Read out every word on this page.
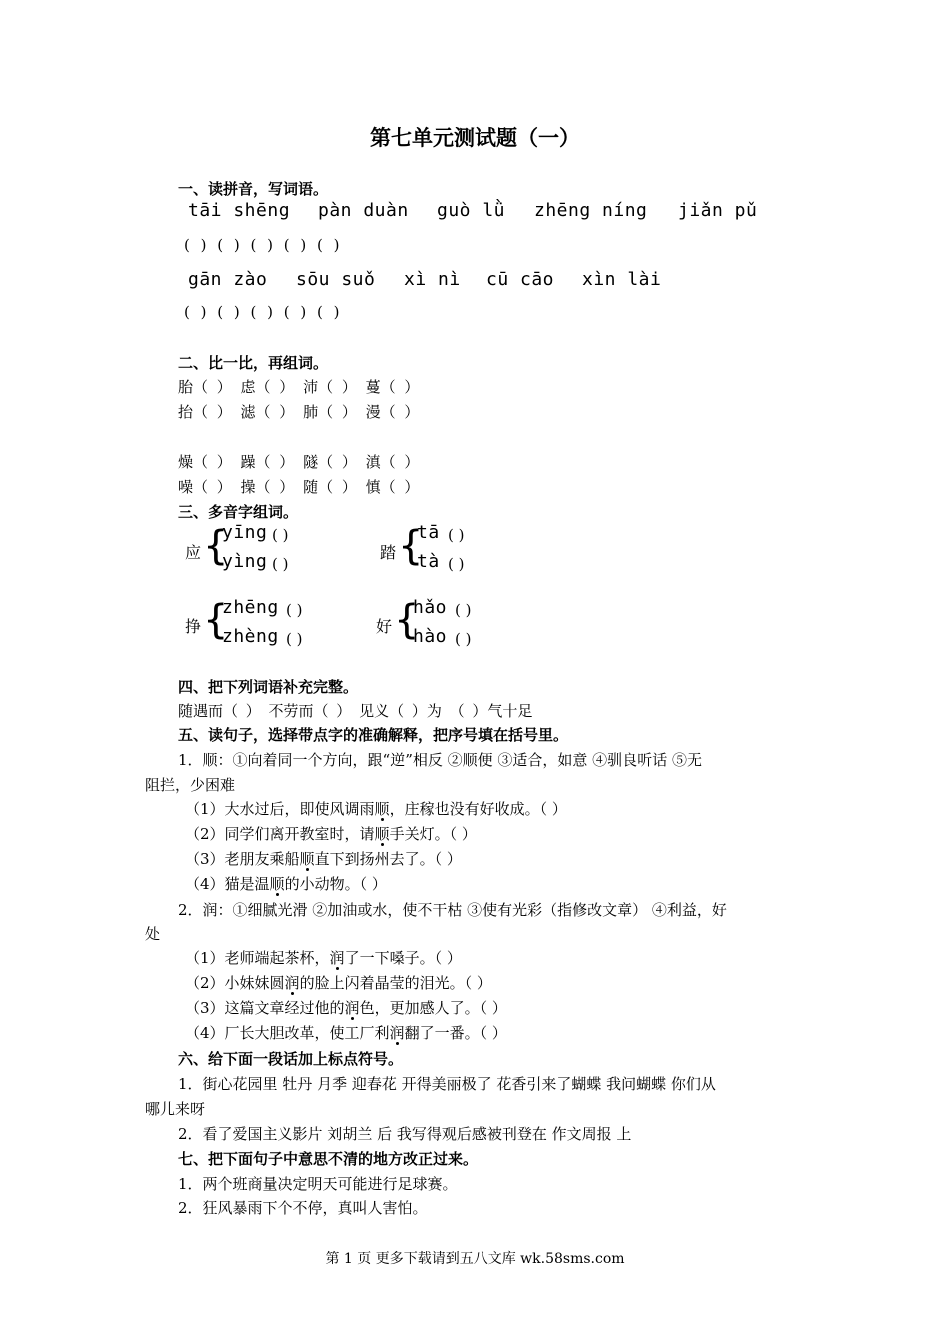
第七单元测试题（一）
一、读拼音，写词语。
tāi shēng pàn duàn guò lǜ zhēng níng jiǎn pǔ
( ) ( ) ( ) ( ) ( )
gān zào sōu suǒ xì nì cū cāo xìn lài
( ) ( ) ( ) ( ) ( )
二、比一比，再组词。
胎（ ） 虑（ ） 沛（ ） 蔓（ ）
抬（ ） 滤（ ） 肺（ ） 漫（ ）
燥（ ） 躁（ ） 隧（ ） 滇（ ）
噪（ ） 操（ ） 随（ ） 慎（ ）
三、多音字组词。
应 {
yīng
yìng
( )
( )
踏 {
tā
tà
( )
( )
挣 {
zhēng
zhèng
( )
( )
好 {
hǎo
hào
( )
( )
四、把下列词语补充完整。
随遇而（ ） 不劳而（ ） 见义（ ）为 （ ）气十足
五、读句子，选择带点字的准确解释，把序号填在括号里。
1．顺：①向着同一个方向，跟“逆”相反 ②顺便 ③适合，如意 ④驯良听话 ⑤无
阻拦，少困难
（1）大水过后，即使风调雨顺，庄稼也没有好收成。（ ）
（2）同学们离开教室时，请顺手关灯。（ ）
（3）老朋友乘船顺直下到扬州去了。（ ）
（4）猫是温顺的小动物。（ ）
2．润：①细腻光滑 ②加油或水，使不干枯 ③使有光彩（指修改文章） ④利益，好
处
（1）老师端起茶杯，润了一下嗓子。（ ）
（2）小妹妹圆润的脸上闪着晶莹的泪光。（ ）
（3）这篇文章经过他的润色，更加感人了。（ ）
（4）厂长大胆改革，使工厂利润翻了一番。（ ）
六、给下面一段话加上标点符号。
1．街心花园里 牡丹 月季 迎春花 开得美丽极了 花香引来了蝴蝶 我问蝴蝶 你们从
哪儿来呀
2．看了爱国主义影片 刘胡兰 后 我写得观后感被刊登在 作文周报 上
七、把下面句子中意思不清的地方改正过来。
1．两个班商量决定明天可能进行足球赛。
2．狂风暴雨下个不停，真叫人害怕。
第 1 页 更多下载请到五八文库 wk.58sms.com
